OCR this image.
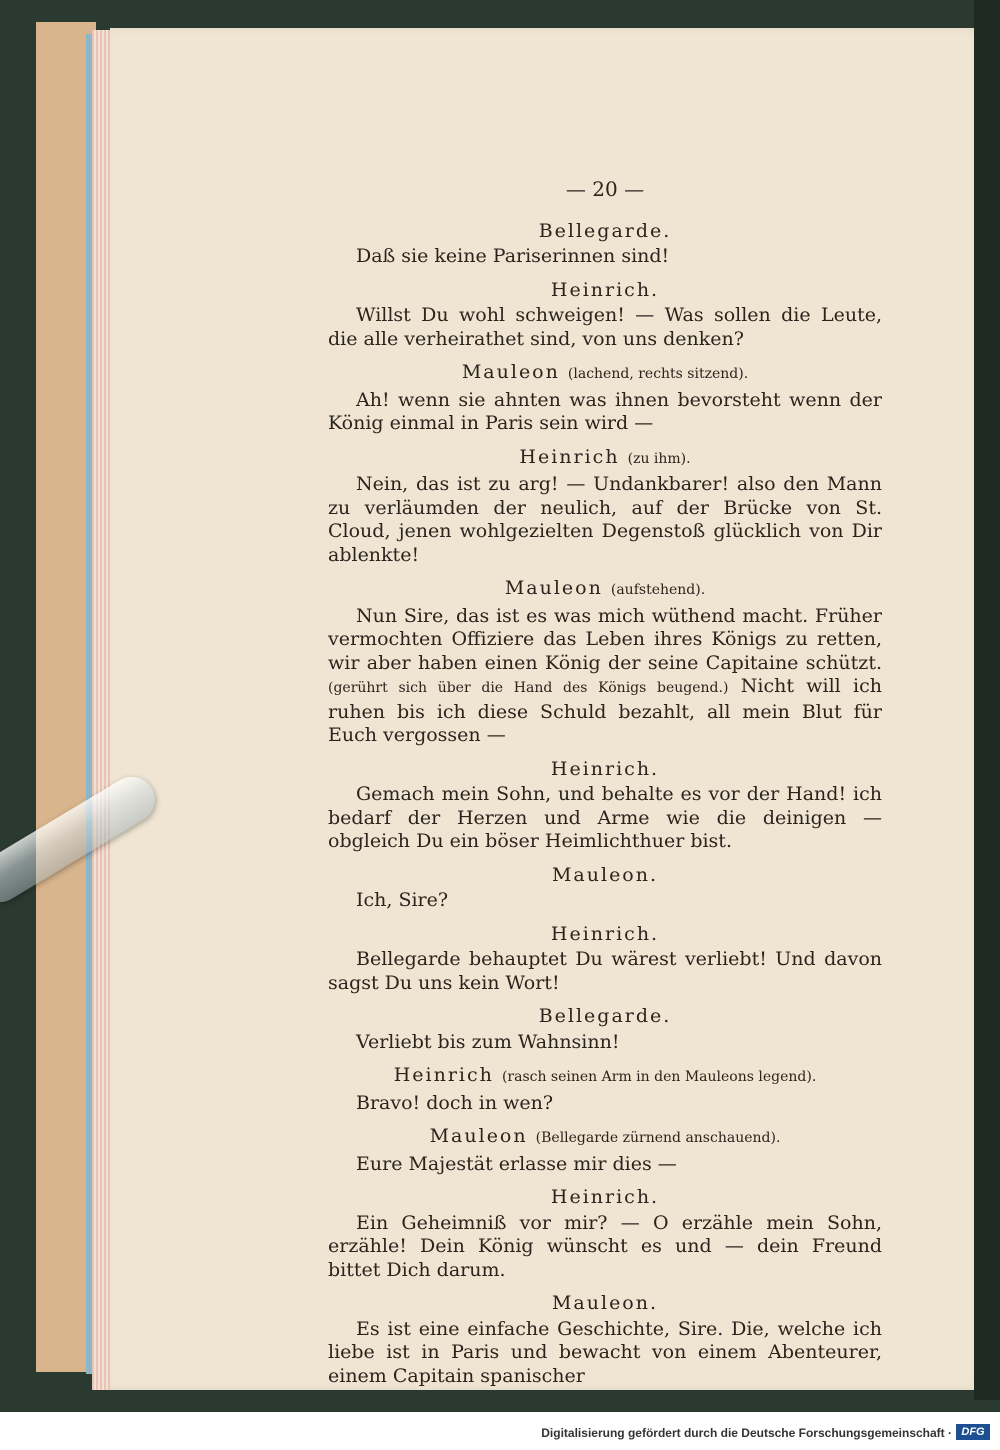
— 20 —
Bellegarde.
Daß sie keine Pariserinnen sind!
Heinrich.
Willst Du wohl schweigen! — Was sollen die Leute, die alle verheirathet sind, von uns denken?
Mauleon (lachend, rechts sitzend).
Ah! wenn sie ahnten was ihnen bevorsteht wenn der König einmal in Paris sein wird —
Heinrich (zu ihm).
Nein, das ist zu arg! — Undankbarer! also den Mann zu verläumden der neulich, auf der Brücke von St. Cloud, jenen wohlgezielten Degenstoß glücklich von Dir ablenkte!
Mauleon (aufstehend).
Nun Sire, das ist es was mich wüthend macht. Früher vermochten Offiziere das Leben ihres Königs zu retten, wir aber haben einen König der seine Capitaine schützt. (gerührt sich über die Hand des Königs beugend.) Nicht will ich ruhen bis ich diese Schuld bezahlt, all mein Blut für Euch vergossen —
Heinrich.
Gemach mein Sohn, und behalte es vor der Hand! ich bedarf der Herzen und Arme wie die deinigen — obgleich Du ein böser Heimlichthuer bist.
Mauleon.
Ich, Sire?
Heinrich.
Bellegarde behauptet Du wärest verliebt! Und davon sagst Du uns kein Wort!
Bellegarde.
Verliebt bis zum Wahnsinn!
Heinrich (rasch seinen Arm in den Mauleons legend).
Bravo! doch in wen?
Mauleon (Bellegarde zürnend anschauend).
Eure Majestät erlasse mir dies —
Heinrich.
Ein Geheimniß vor mir? — O erzähle mein Sohn, erzähle! Dein König wünscht es und — dein Freund bittet Dich darum.
Mauleon.
Es ist eine einfache Geschichte, Sire. Die, welche ich liebe ist in Paris und bewacht von einem Abenteurer, einem Capitain spanischer
Digitalisierung gefördert durch die Deutsche Forschungsgemeinschaft · DFG
